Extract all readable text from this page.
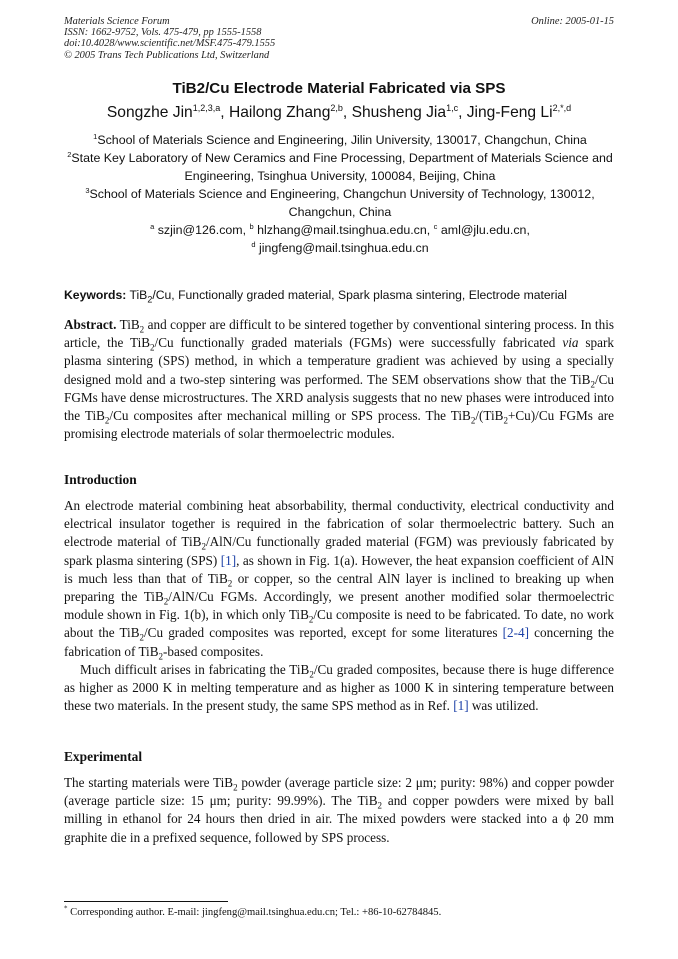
Materials Science Forum
ISSN: 1662-9752, Vols. 475-479, pp 1555-1558
doi:10.4028/www.scientific.net/MSF.475-479.1555
© 2005 Trans Tech Publications Ltd, Switzerland
Online: 2005-01-15
TiB2/Cu Electrode Material Fabricated via SPS
Songzhe Jin$^{1,2,3,a}$, Hailong Zhang$^{2,b}$, Shusheng Jia$^{1,c}$, Jing-Feng $Li^{2,*,d}$
$^1$School of Materials Science and Engineering, Jilin University, 130017, Changchun, China
$^2$State Key Laboratory of New Ceramics and Fine Processing, Department of Materials Science and Engineering, Tsinghua University, 100084, Beijing, China
$^3$School of Materials Science and Engineering, Changchun University of Technology, 130012, Changchun, China
$^a$ szjin@126.com, $^b$ hlzhang@mail.tsinghua.edu.cn, $^c$ aml@jlu.edu.cn,
$^d$ jingfeng@mail.tsinghua.edu.cn
Keywords: TiB$_2$/Cu, Functionally graded material, Spark plasma sintering, Electrode material
Abstract. TiB$_2$ and copper are difficult to be sintered together by conventional sintering process. In this article, the TiB$_2$/Cu functionally graded materials (FGMs) were successfully fabricated via spark plasma sintering (SPS) method, in which a temperature gradient was achieved by using a specially designed mold and a two-step sintering was performed. The SEM observations show that the TiB$_2$/Cu FGMs have dense microstructures. The XRD analysis suggests that no new phases were introduced into the TiB$_2$/Cu composites after mechanical milling or SPS process. The TiB$_2$/(TiB$_2$+Cu)/Cu FGMs are promising electrode materials of solar thermoelectric modules.
Introduction

An electrode material combining heat absorbability, thermal conductivity, electrical conductivity and electrical insulator together is required in the fabrication of solar thermoelectric battery. Such an electrode material of TiB$_2$/AlN/Cu functionally graded material (FGM) was previously fabricated by spark plasma sintering (SPS) [1], as shown in Fig. 1(a). However, the heat expansion coefficient of AlN is much less than that of TiB$_2$ or copper, so the central AlN layer is inclined to breaking up when preparing the TiB$_2$/AlN/Cu FGMs. Accordingly, we present another modified solar thermoelectric module shown in Fig. 1(b), in which only TiB$_2$/Cu composite is need to be fabricated. To date, no work about the TiB$_2$/Cu graded composites was reported, except for some literatures [2-4] concerning the fabrication of TiB$_2$-based composites.

Much difficult arises in fabricating the TiB$_2$/Cu graded composites, because there is huge difference as higher as 2000 K in melting temperature and as higher as 1000 K in sintering temperature between these two materials. In the present study, the same SPS method as in Ref. [1] was utilized.

Experimental

The starting materials were TiB$_2$ powder (average particle size: 2 μm; purity: 98%) and copper powder (average particle size: 15 μm; purity: 99.99%). The TiB$_2$ and copper powders were mixed by ball milling in ethanol for 24 hours then dried in air. The mixed powders were stacked into a ϕ 20 mm graphite die in a prefixed sequence, followed by SPS process.

* Corresponding author. E-mail: jingfeng@mail.tsinghua.edu.cn; Tel.: +86-10-62784845.
